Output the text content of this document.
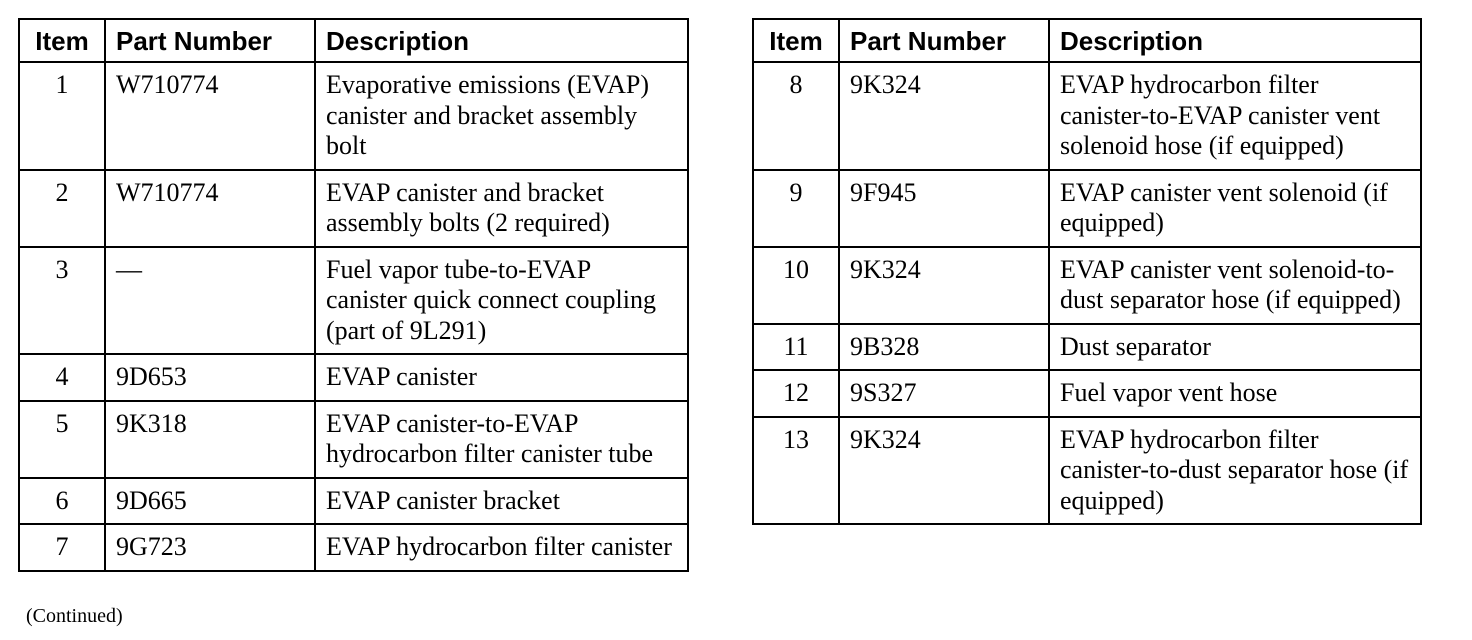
Item	Part Number	Description
1	W710774	Evaporative emissions (EVAP) canister and bracket assembly bolt
2	W710774	EVAP canister and bracket assembly bolts (2 required)
3	—	Fuel vapor tube-to-EVAP canister quick connect coupling (part of 9L291)
4	9D653	EVAP canister
5	9K318	EVAP canister-to-EVAP hydrocarbon filter canister tube
6	9D665	EVAP canister bracket
7	9G723	EVAP hydrocarbon filter canister
Item	Part Number	Description
8	9K324	EVAP hydrocarbon filter canister-to-EVAP canister vent solenoid hose (if equipped)
9	9F945	EVAP canister vent solenoid (if equipped)
10	9K324	EVAP canister vent solenoid-to-dust separator hose (if equipped)
11	9B328	Dust separator
12	9S327	Fuel vapor vent hose
13	9K324	EVAP hydrocarbon filter canister-to-dust separator hose (if equipped)
(Continued)
